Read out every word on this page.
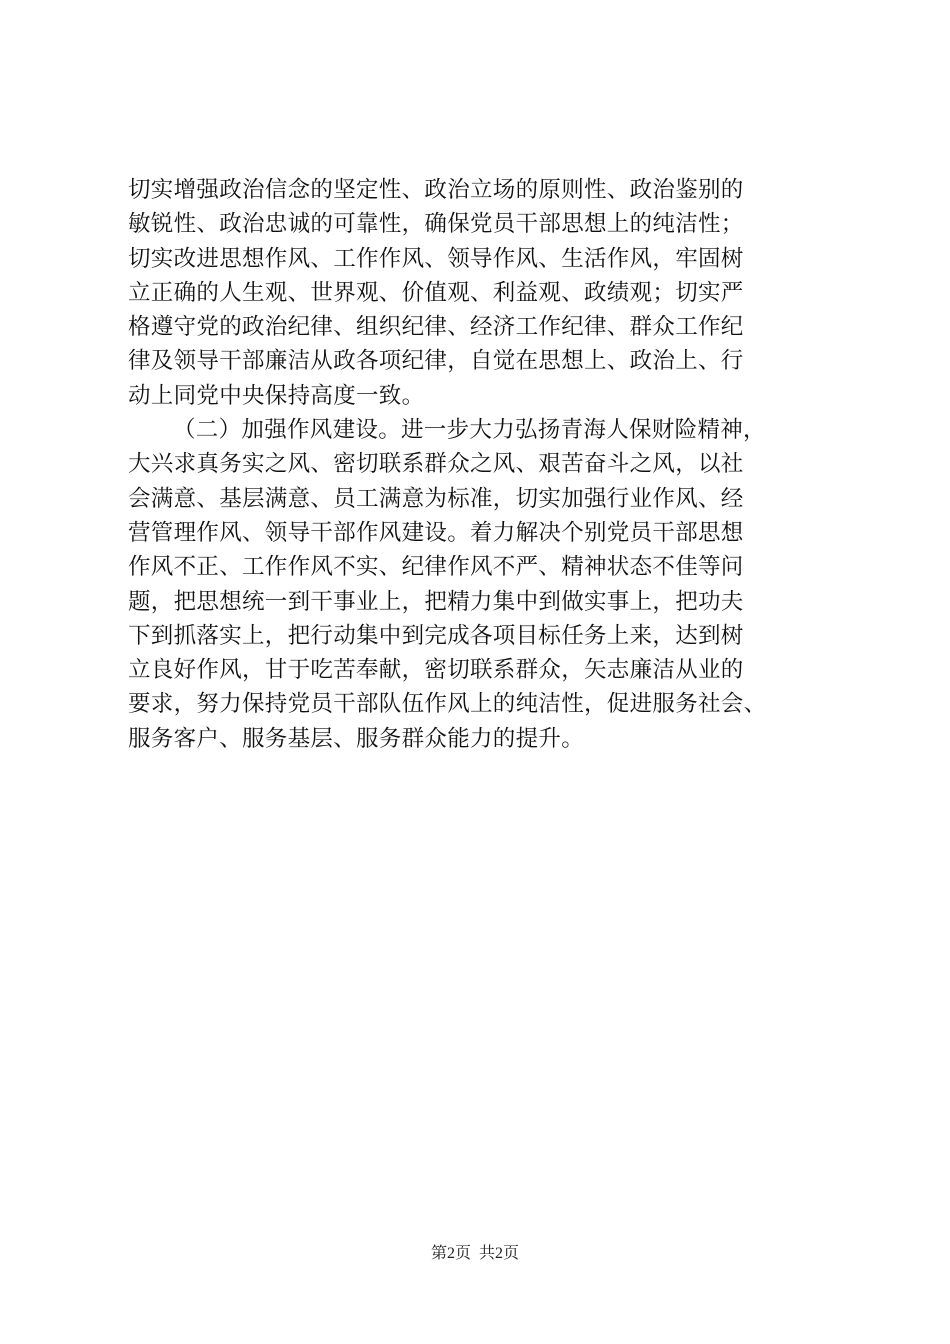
切实增强政治信念的坚定性、政治立场的原则性、政治鉴别的
敏锐性、政治忠诚的可靠性，确保党员干部思想上的纯洁性；
切实改进思想作风、工作作风、领导作风、生活作风，牢固树
立正确的人生观、世界观、价值观、利益观、政绩观；切实严
格遵守党的政治纪律、组织纪律、经济工作纪律、群众工作纪
律及领导干部廉洁从政各项纪律，自觉在思想上、政治上、行
动上同党中央保持高度一致。
（二）加强作风建设。进一步大力弘扬青海人保财险精神，
大兴求真务实之风、密切联系群众之风、艰苦奋斗之风，以社
会满意、基层满意、员工满意为标准，切实加强行业作风、经
营管理作风、领导干部作风建设。着力解决个别党员干部思想
作风不正、工作作风不实、纪律作风不严、精神状态不佳等问
题，把思想统一到干事业上，把精力集中到做实事上，把功夫
下到抓落实上，把行动集中到完成各项目标任务上来，达到树
立良好作风，甘于吃苦奉献，密切联系群众，矢志廉洁从业的
要求，努力保持党员干部队伍作风上的纯洁性，促进服务社会、
服务客户、服务基层、服务群众能力的提升。
第2页  共2页
